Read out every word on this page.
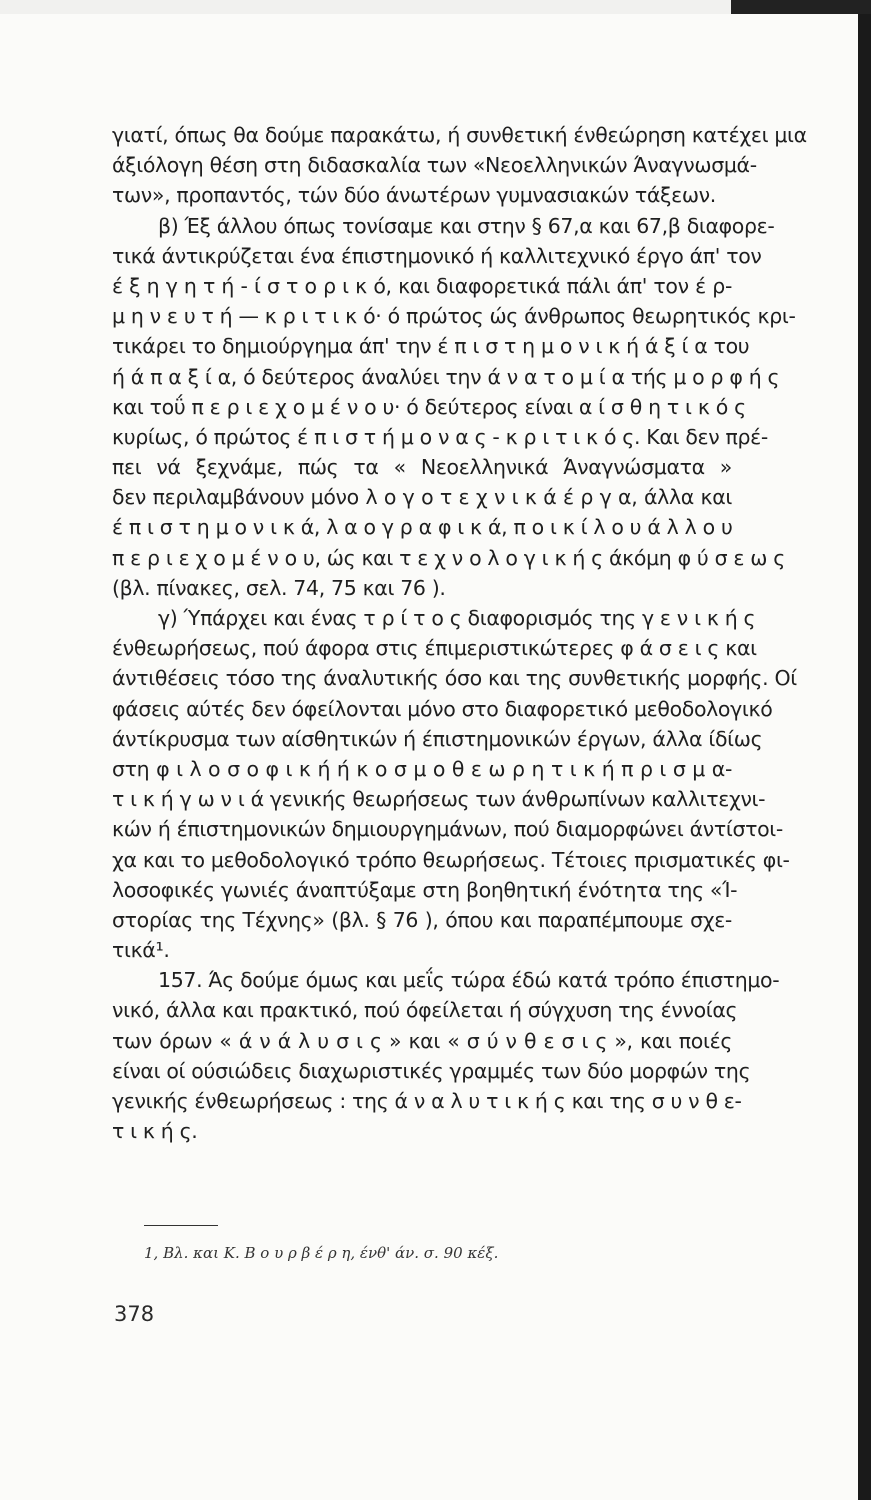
γιατί, όπως θα δούμε παρακάτω, ή συνθετική ένθεώρηση κατέχει μια
άξιόλογη θέση στη διδασκαλία των «Νεοελληνικών Άναγνωσμά-
των», προπαντός, τών δύο άνωτέρων γυμνασιακών τάξεων.
β) Έξ άλλου όπως τονίσαμε και στην § 67,α και 67,β διαφορε-
τικά άντικρύζεται ένα έπιστημονικό ή καλλιτεχνικό έργο άπ' τον
έ ξ η γ η τ ή - ί σ τ ο ρ ι κ ό, και διαφορετικά πάλι άπ' τον έ ρ-
μ η ν ε υ τ ή — κ ρ ι τ ι κ ό· ό πρώτος ώς άνθρωπος θεωρητικός κρι-
τικάρει το δημιούργημα άπ' την έ π ι σ τ η μ ο ν ι κ ή ά ξ ί α του
ή ά π α ξ ί α, ό δεύτερος άναλύει την ά ν α τ ο μ ί α τής μ ο ρ φ ή ς
και τοΰ π ε ρ ι ε χ ο μ έ ν ο υ· ό δεύτερος είναι α ί σ θ η τ ι κ ό ς
κυρίως, ό πρώτος έ π ι σ τ ή μ ο ν α ς - κ ρ ι τ ι κ ό ς. Και δεν πρέ-
πει νά ξεχνάμε, πώς τα « Νεοελληνικά Άναγνώσματα »
δεν περιλαμβάνουν μόνο λ ο γ ο τ ε χ ν ι κ ά έ ρ γ α, άλλα και
έ π ι σ τ η μ ο ν ι κ ά, λ α ο γ ρ α φ ι κ ά, π ο ι κ ί λ ο υ ά λ λ ο υ
π ε ρ ι ε χ ο μ έ ν ο υ, ώς και τ ε χ ν ο λ ο γ ι κ ή ς άκόμη φ ύ σ ε ω ς
(βλ. πίνακες, σελ. 74, 75 και 76 ).
γ) Ύπάρχει και ένας τ ρ ί τ ο ς διαφορισμός της γ ε ν ι κ ή ς
ένθεωρήσεως, πού άφορα στις έπιμεριστικώτερες φ ά σ ε ι ς και
άντιθέσεις τόσο της άναλυτικής όσο και της συνθετικής μορφής. Οί
φάσεις αύτές δεν όφείλονται μόνο στο διαφορετικό μεθοδολογικό
άντίκρυσμα των αίσθητικών ή έπιστημονικών έργων, άλλα ίδίως
στη φ ι λ ο σ ο φ ι κ ή ή κ ο σ μ ο θ ε ω ρ η τ ι κ ή π ρ ι σ μ α-
τ ι κ ή γ ω ν ι ά γενικής θεωρήσεως των άνθρωπίνων καλλιτεχνι-
κών ή έπιστημονικών δημιουργημάνων, πού διαμορφώνει άντίστοι-
χα και το μεθοδολογικό τρόπο θεωρήσεως. Τέτοιες πρισματικές φι-
λοσοφικές γωνιές άναπτύξαμε στη βοηθητική ένότητα της «Ί-
στορίας της Τέχνης» (βλ. § 76 ), όπου και παραπέμπουμε σχε-
τικά¹.
157. Άς δούμε όμως και μεΐς τώρα έδώ κατά τρόπο έπιστημο-
νικό, άλλα και πρακτικό, πού όφείλεται ή σύγχυση της έννοίας
των όρων « ά ν ά λ υ σ ι ς » και « σ ύ ν θ ε σ ι ς », και ποιές
είναι οί ούσιώδεις διαχωριστικές γραμμές των δύο μορφών της
γενικής ένθεωρήσεως : της ά ν α λ υ τ ι κ ή ς και της σ υ ν θ ε-
τ ι κ ή ς.
1, Βλ. και Κ. Β ο υ ρ β έ ρ η, ένθ' άν. σ. 90 κέξ.
378
